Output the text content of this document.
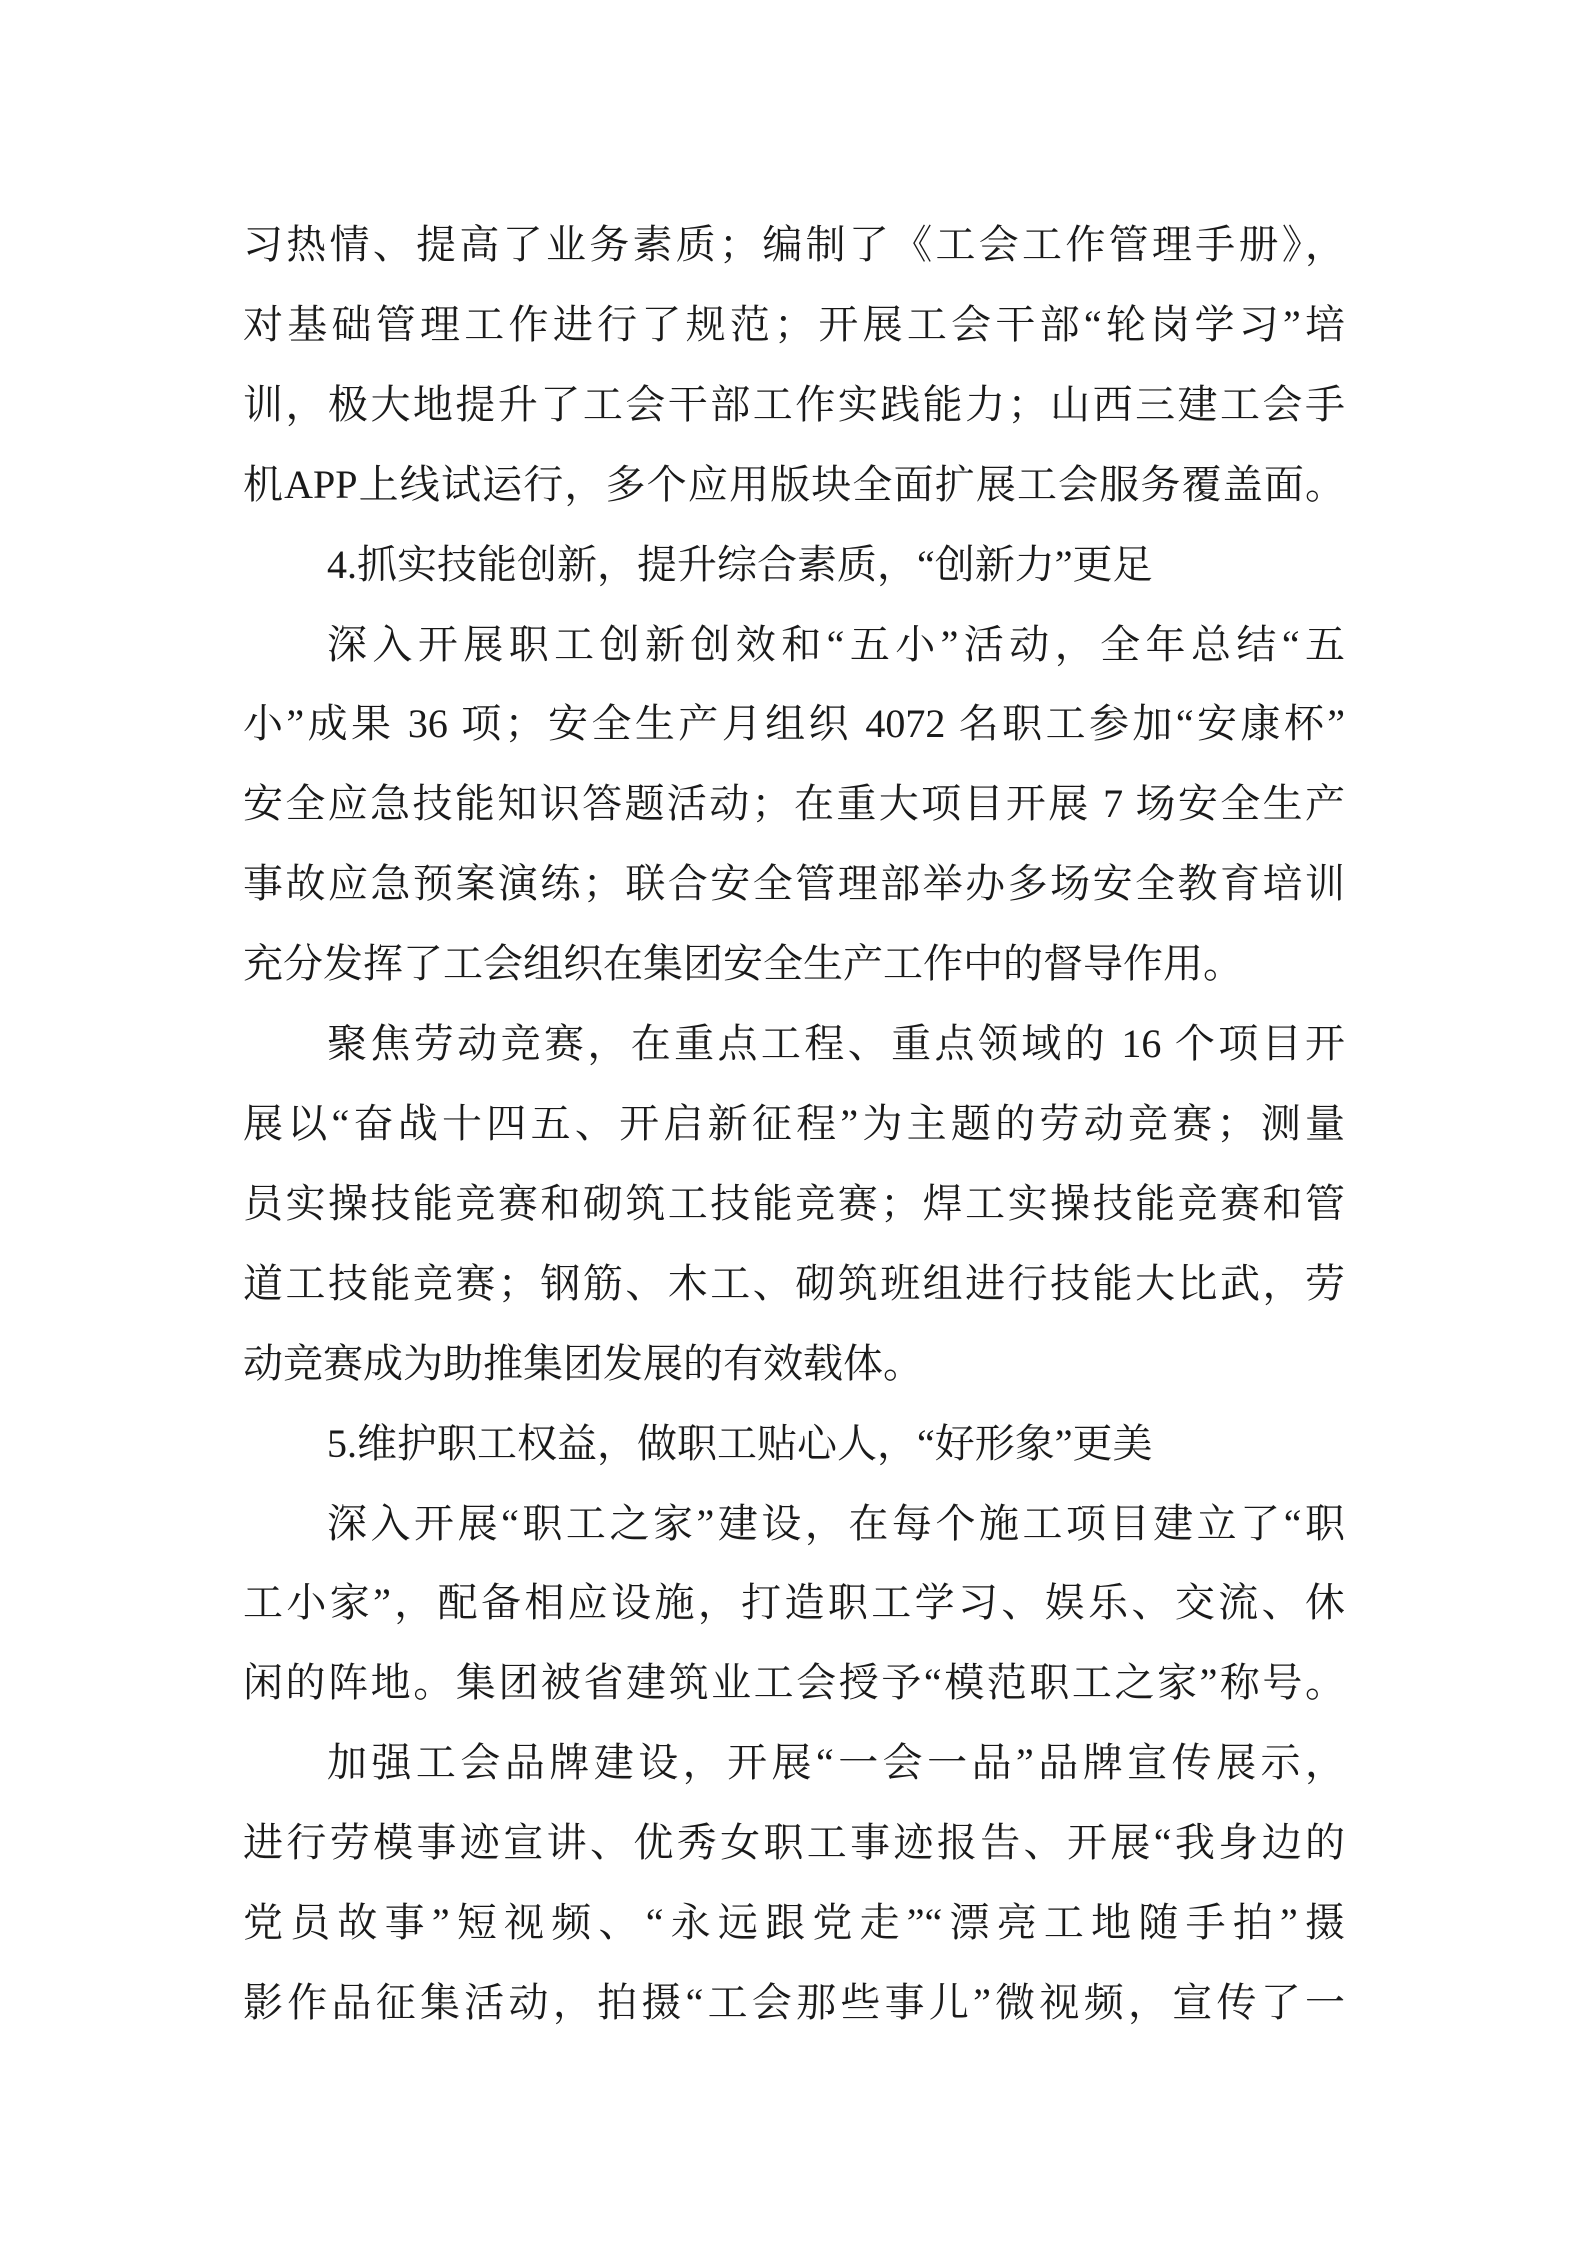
习热情、提高了业务素质；编制了《工会工作管理手册》，
对基础管理工作进行了规范；开展工会干部“轮岗学习”培
训，极大地提升了工会干部工作实践能力；山西三建工会手
机APP上线试运行，多个应用版块全面扩展工会服务覆盖面。
4.抓实技能创新，提升综合素质，“创新力”更足
深入开展职工创新创效和“五小”活动，全年总结“五
小”成果 36 项；安全生产月组织 4072 名职工参加“安康杯”
安全应急技能知识答题活动；在重大项目开展 7 场安全生产
事故应急预案演练；联合安全管理部举办多场安全教育培训
充分发挥了工会组织在集团安全生产工作中的督导作用。
聚焦劳动竞赛，在重点工程、重点领域的 16 个项目开
展以“奋战十四五、开启新征程”为主题的劳动竞赛；测量
员实操技能竞赛和砌筑工技能竞赛；焊工实操技能竞赛和管
道工技能竞赛；钢筋、木工、砌筑班组进行技能大比武，劳
动竞赛成为助推集团发展的有效载体。
5.维护职工权益，做职工贴心人，“好形象”更美
深入开展“职工之家”建设，在每个施工项目建立了“职
工小家”，配备相应设施，打造职工学习、娱乐、交流、休
闲的阵地。集团被省建筑业工会授予“模范职工之家”称号。
加强工会品牌建设，开展“一会一品”品牌宣传展示，
进行劳模事迹宣讲、优秀女职工事迹报告、开展“我身边的
党员故事”短视频、“永远跟党走”“漂亮工地随手拍”摄
影作品征集活动，拍摄“工会那些事儿”微视频，宣传了一
